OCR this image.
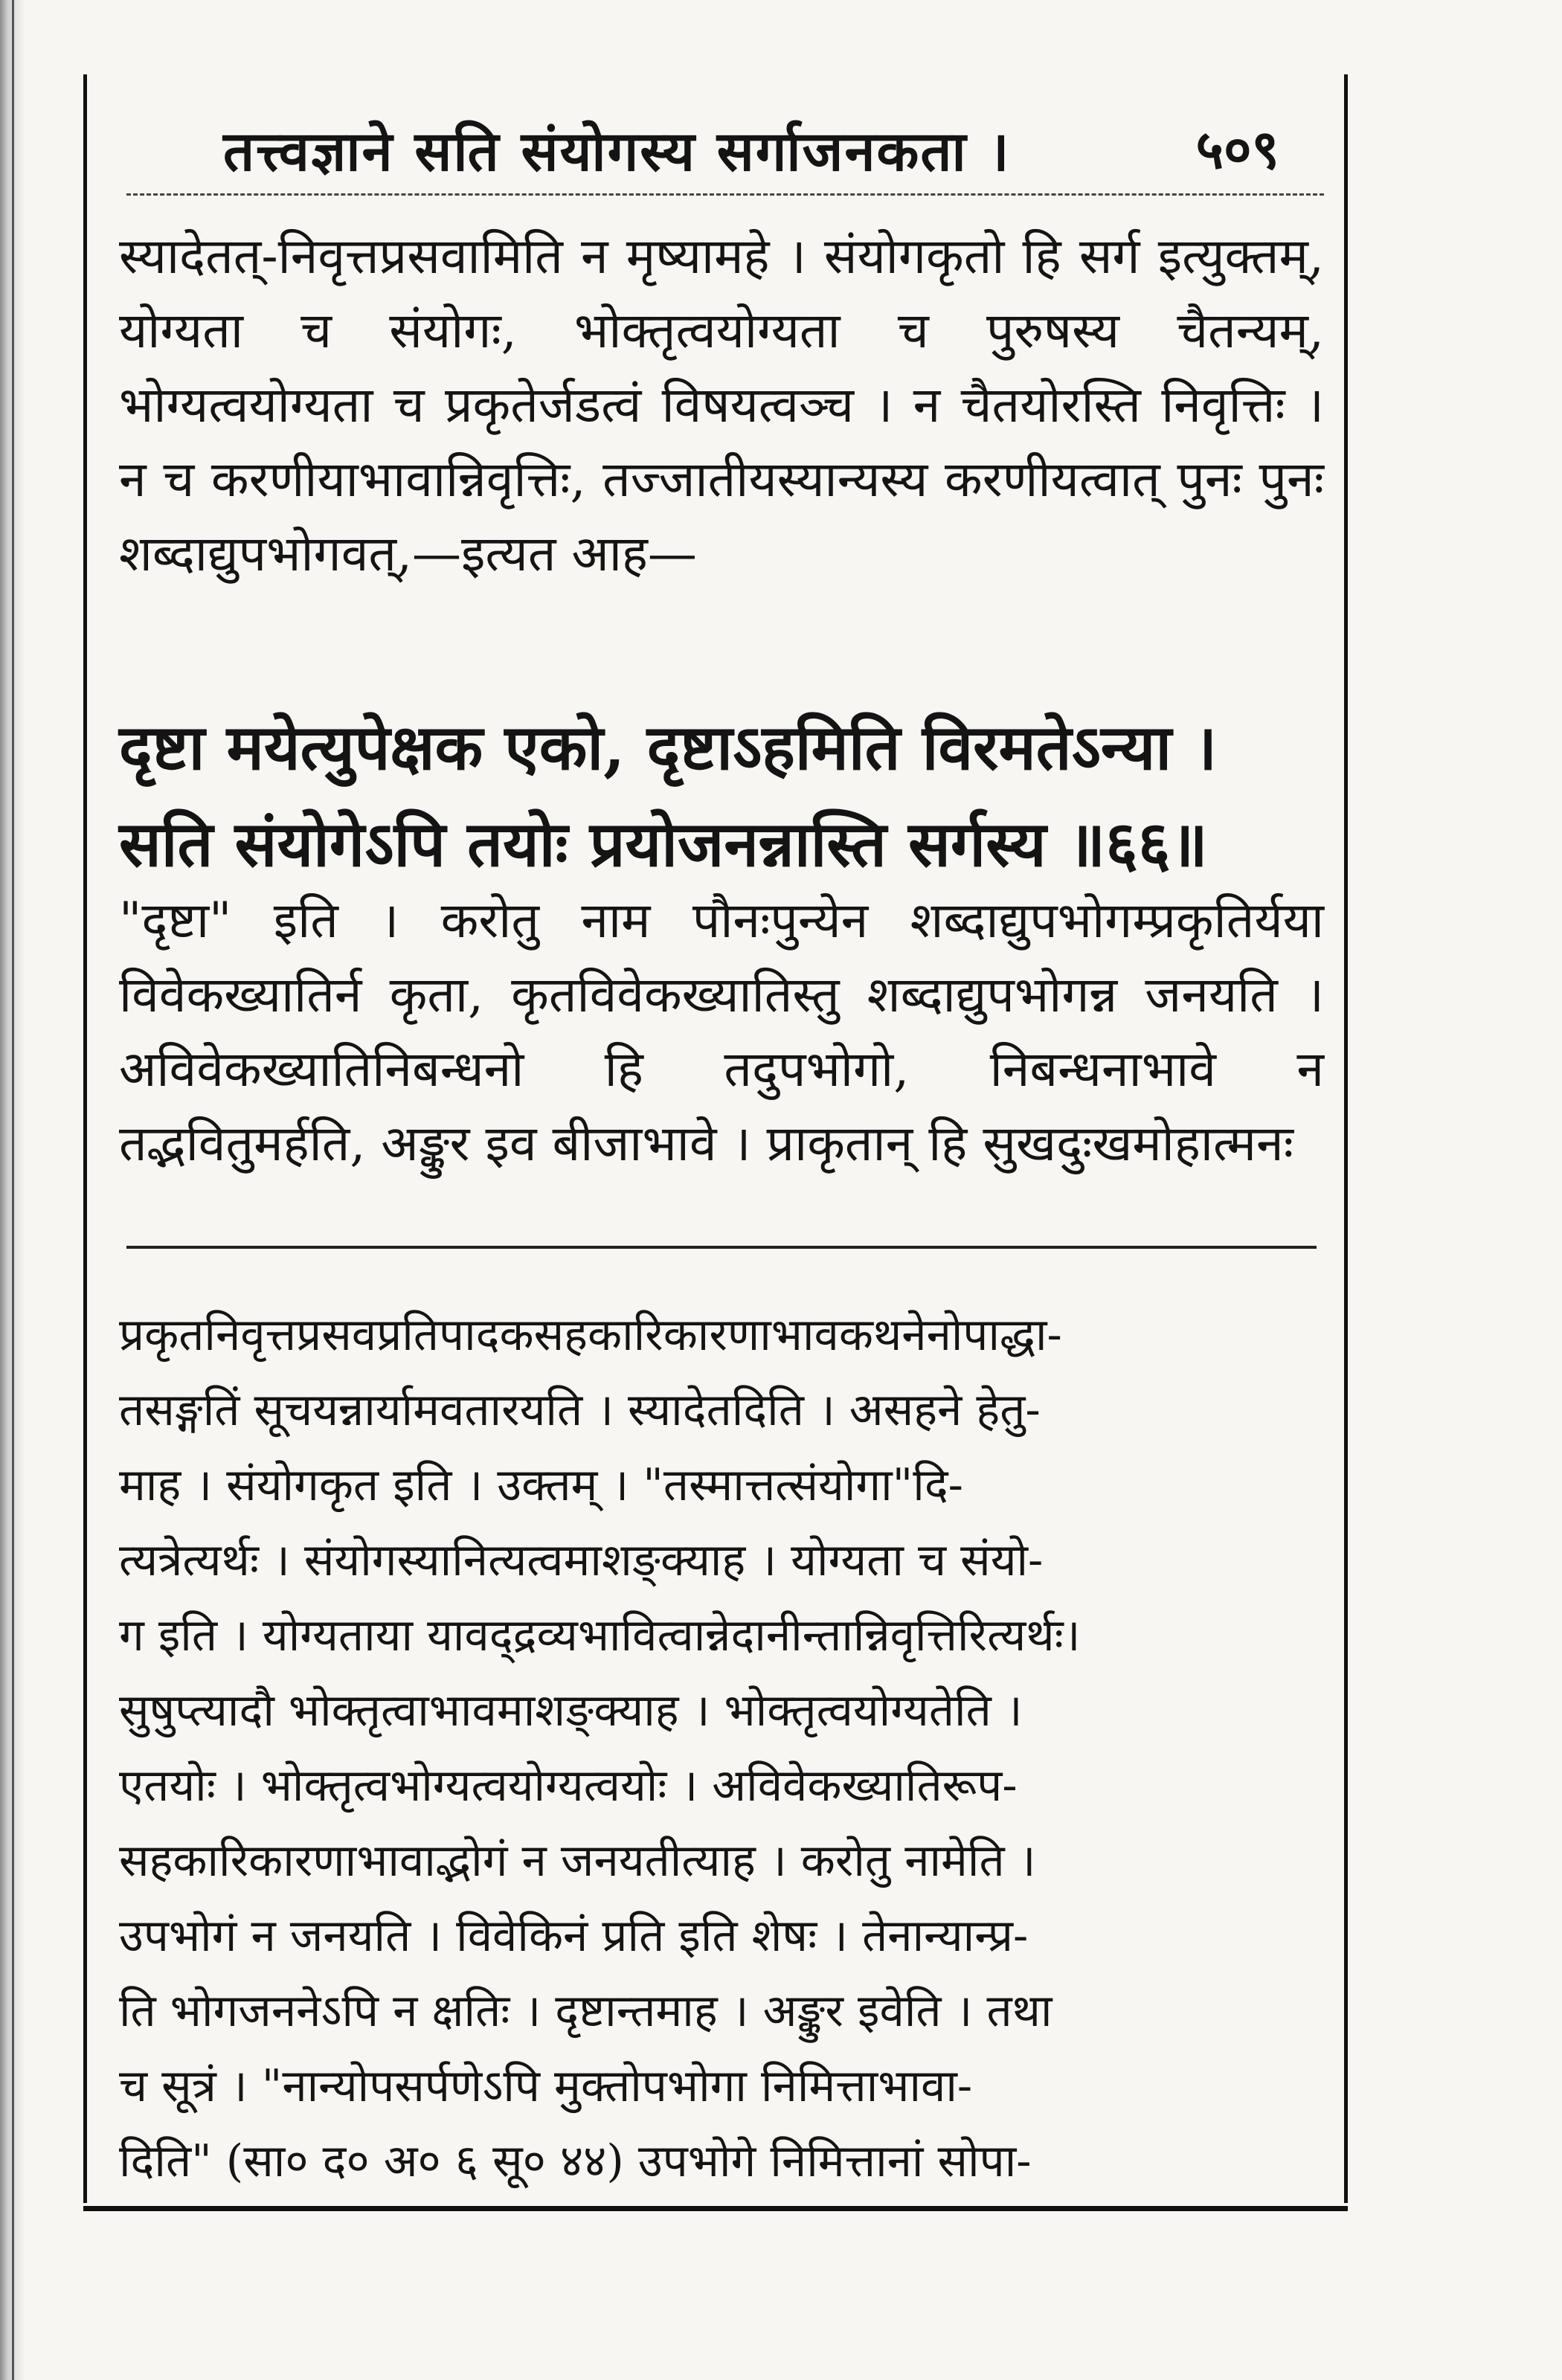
तत्त्वज्ञाने सति संयोगस्य सर्गाजनकता ।	५०९

स्यादेतत्-निवृत्तप्रसवामिति न मृष्यामहे । संयोगकृतो हि सर्ग इत्युक्तम्, योग्यता च संयोगः, भोक्तृत्वयोग्यता च पुरुषस्य चैतन्यम्, भोग्यत्वयोग्यता च प्रकृतेर्जडत्वं विषयत्वञ्च । न चैतयोरस्ति निवृत्तिः । न च करणीयाभावान्निवृत्तिः, तज्जातीयस्यान्यस्य करणीयत्वात् पुनः पुनः शब्दाद्युपभोगवत्,—इत्यत आह—

दृष्टा मयेत्युपेक्षक एको, दृष्टाऽहमिति विरमतेऽन्या ।

सति संयोगेऽपि तयोः प्रयोजनन्नास्ति सर्गस्य ॥६६॥

"दृष्टा" इति । करोतु नाम पौनःपुन्येन शब्दाद्युपभोगम्प्रकृतिर्यया विवेकख्यातिर्न कृता, कृतविवेकख्यातिस्तु शब्दाद्युपभोगन्न जनयति । अविवेकख्यातिनिबन्धनो हि तदुपभोगो, निबन्धनाभावे न तद्भवितुमर्हति, अङ्कुर इव बीजाभावे । प्राकृतान् हि सुखदुःखमोहात्मनः

प्रकृतनिवृत्तप्रसवप्रतिपादकसहकारिकारणाभावकथनेनोपाद्धा-
तसङ्गतिं सूचयन्नार्यामवतारयति । स्यादेतदिति । असहने हेतु-
माह । संयोगकृत इति । उक्तम् । "तस्मात्तत्संयोगा"दि-
त्यत्रेत्यर्थः । संयोगस्यानित्यत्वमाशङ्क्याह । योग्यता च संयो-
ग इति । योग्यताया यावद्द्रव्यभावित्वान्नेदानीन्तान्निवृत्तिरित्यर्थः।
सुषुप्त्यादौ भोक्तृत्वाभावमाशङ्क्याह । भोक्तृत्वयोग्यतेति ।
एतयोः । भोक्तृत्वभोग्यत्वयोग्यत्वयोः । अविवेकख्यातिरूप-
सहकारिकारणाभावाद्भोगं न जनयतीत्याह । करोतु नामेति ।
उपभोगं न जनयति । विवेकिनं प्रति इति शेषः । तेनान्यान्प्र-
ति भोगजननेऽपि न क्षतिः । दृष्टान्तमाह । अङ्कुर इवेति । तथा
च सूत्रं । "नान्योपसर्पणेऽपि मुक्तोपभोगा निमित्ताभावा-
दिति" (सा० द० अ० ६ सू० ४४) उपभोगे निमित्तानां सोपा-
